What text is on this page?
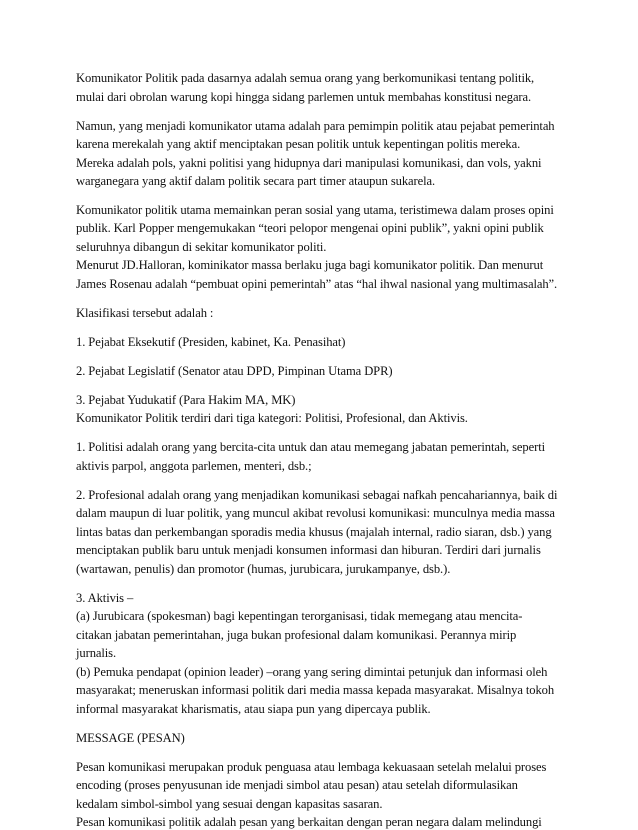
Komunikator Politik pada dasarnya adalah semua orang yang berkomunikasi tentang politik,
mulai dari obrolan warung kopi hingga sidang parlemen untuk membahas konstitusi negara.
Namun, yang menjadi komunikator utama adalah para pemimpin politik atau pejabat pemerintah
karena merekalah yang aktif menciptakan pesan politik untuk kepentingan politis mereka.
Mereka adalah pols, yakni politisi yang hidupnya dari manipulasi komunikasi, dan vols, yakni
warganegara yang aktif dalam politik secara part timer ataupun sukarela.
Komunikator politik utama memainkan peran sosial yang utama, teristimewa dalam proses opini
publik. Karl Popper mengemukakan “teori pelopor mengenai opini publik”, yakni opini publik
seluruhnya dibangun di sekitar komunikator politi.
Menurut JD.Halloran, kominikator massa berlaku juga bagi komunikator politik. Dan menurut
James Rosenau adalah “pembuat opini pemerintah” atas “hal ihwal nasional yang multimasalah”.
Klasifikasi tersebut adalah :
1. Pejabat Eksekutif (Presiden, kabinet, Ka. Penasihat)
2. Pejabat Legislatif (Senator atau DPD, Pimpinan Utama DPR)
3. Pejabat Yudukatif (Para Hakim MA, MK)
Komunikator Politik terdiri dari tiga kategori: Politisi, Profesional, dan Aktivis.
1. Politisi adalah orang yang bercita-cita untuk dan atau memegang jabatan pemerintah, seperti
aktivis parpol, anggota parlemen, menteri, dsb.;
2. Profesional adalah orang yang menjadikan komunikasi sebagai nafkah pencahariannya, baik di
dalam maupun di luar politik, yang muncul akibat revolusi komunikasi: munculnya media massa
lintas batas dan perkembangan sporadis media khusus (majalah internal, radio siaran, dsb.) yang
menciptakan publik baru untuk menjadi konsumen informasi dan hiburan. Terdiri dari jurnalis
(wartawan, penulis) dan promotor (humas, jurubicara, jurukampanye, dsb.).
3. Aktivis –
(a) Jurubicara (spokesman) bagi kepentingan terorganisasi, tidak memegang atau mencita-
citakan jabatan pemerintahan, juga bukan profesional dalam komunikasi. Perannya mirip
jurnalis.
(b) Pemuka pendapat (opinion leader) –orang yang sering dimintai petunjuk dan informasi oleh
masyarakat; meneruskan informasi politik dari media massa kepada masyarakat. Misalnya tokoh
informal masyarakat kharismatis, atau siapa pun yang dipercaya publik.
MESSAGE (PESAN)
Pesan komunikasi merupakan produk penguasa atau lembaga kekuasaan setelah melalui proses
encoding (proses penyusunan ide menjadi simbol atau pesan) atau setelah diformulasikan
kedalam simbol-simbol yang sesuai dengan kapasitas sasaran.
Pesan komunikasi politik adalah pesan yang berkaitan dengan peran negara dalam melindungi
